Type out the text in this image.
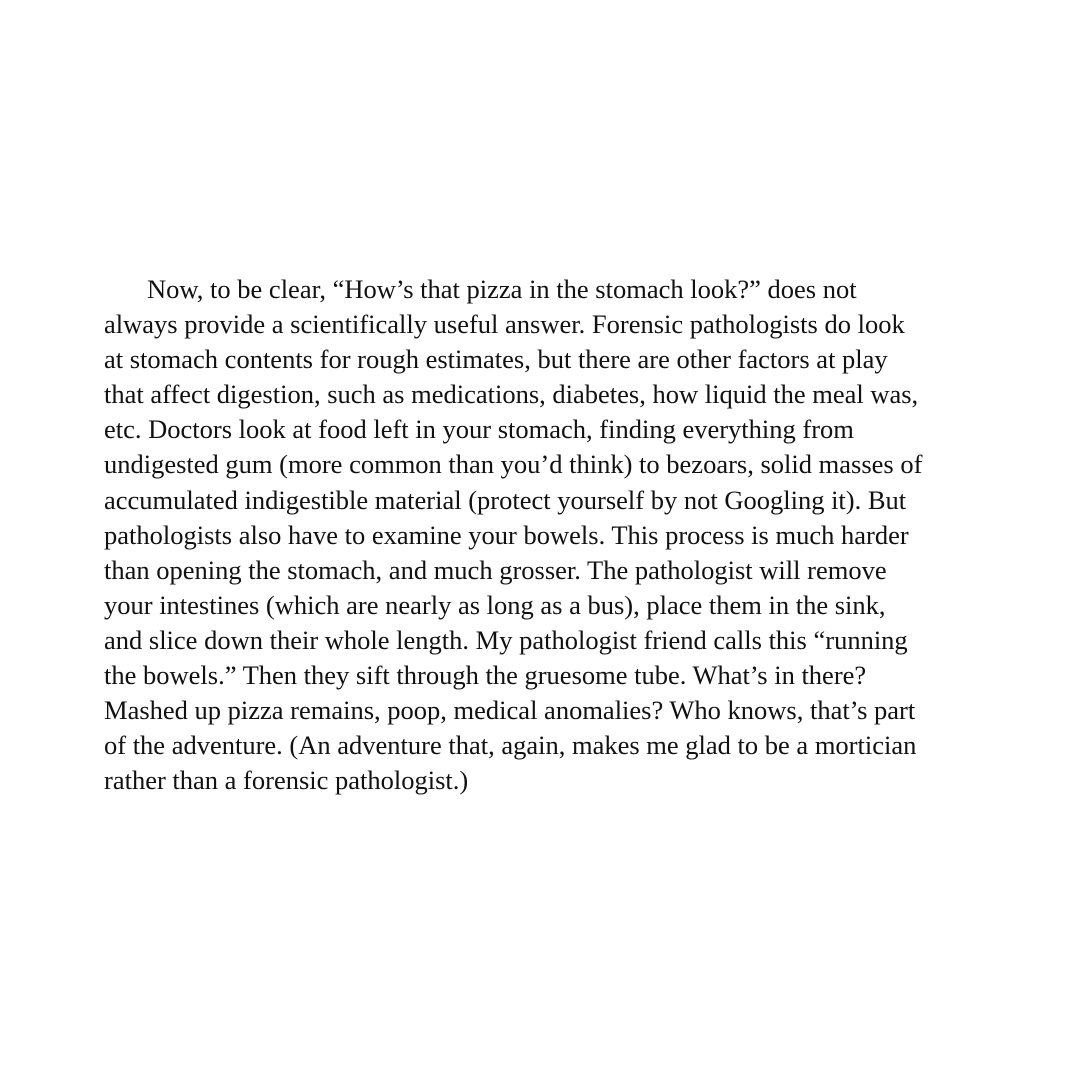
Now, to be clear, “How’s that pizza in the stomach look?” does not
always provide a scientifically useful answer. Forensic pathologists do look
at stomach contents for rough estimates, but there are other factors at play
that affect digestion, such as medications, diabetes, how liquid the meal was,
etc. Doctors look at food left in your stomach, finding everything from
undigested gum (more common than you’d think) to bezoars, solid masses of
accumulated indigestible material (protect yourself by not Googling it). But
pathologists also have to examine your bowels. This process is much harder
than opening the stomach, and much grosser. The pathologist will remove
your intestines (which are nearly as long as a bus), place them in the sink,
and slice down their whole length. My pathologist friend calls this “running
the bowels.” Then they sift through the gruesome tube. What’s in there?
Mashed up pizza remains, poop, medical anomalies? Who knows, that’s part
of the adventure. (An adventure that, again, makes me glad to be a mortician
rather than a forensic pathologist.)
